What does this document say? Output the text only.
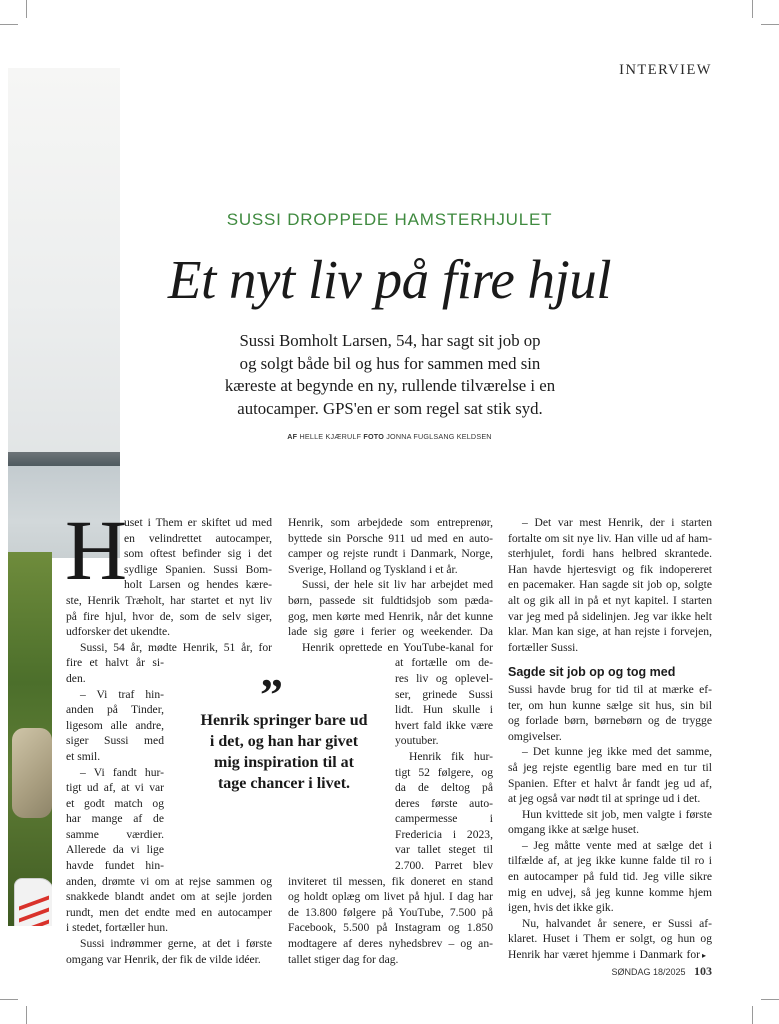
INTERVIEW
SUSSI DROPPEDE HAMSTERHJULET
Et nyt liv på fire hjul
Sussi Bomholt Larsen, 54, har sagt sit job op
og solgt både bil og hus for sammen med sin
kæreste at begynde en ny, rullende tilværelse i en
autocamper. GPS'en er som regel sat stik syd.
AF HELLE KJÆRULF FOTO JONNA FUGLSANG KELDSEN
H

uset i Them er skiftet ud med

en velindrettet autocamper,

som oftest befinder sig i det

sydlige Spanien. Sussi Bom-

holt Larsen og hendes kære-

ste, Henrik Træholt, har startet et nyt liv

på fire hjul, hvor de, som de selv siger,

udforsker det ukendte.

Sussi, 54 år, mødte Henrik, 51 år, for

fire et halvt år si-

den.

– Vi traf hin-

anden på Tinder,

ligesom alle andre,

siger Sussi med

et smil.

– Vi fandt hur-

tigt ud af, at vi var

et godt match og

har mange af de

samme værdier.

Allerede da vi lige

havde fundet hin-

anden, drømte vi om at rejse sammen og

snakkede blandt andet om at sejle jorden

rundt, men det endte med en autocamper

i stedet, fortæller hun.

Sussi indrømmer gerne, at det i første

omgang var Henrik, der fik de vilde idéer.

Henrik, som arbejdede som entreprenør,

byttede sin Porsche 911 ud med en auto-

camper og rejste rundt i Danmark, Norge,

Sverige, Holland og Tyskland i et år.

Sussi, der hele sit liv har arbejdet med

børn, passede sit fuldtidsjob som pæda-

gog, men kørte med Henrik, når det kunne

lade sig gøre i ferier og weekender. Da

Henrik oprettede en YouTube-kanal for

at fortælle om de-

res liv og oplevel-

ser, grinede Sussi

lidt. Hun skulle i

hvert fald ikke være

youtuber.

Henrik fik hur-

tigt 52 følgere, og

da de deltog på

deres første auto-

campermesse i

Fredericia i 2023,

var tallet steget til

2.700. Parret blev

inviteret til messen, fik doneret en stand

og holdt oplæg om livet på hjul. I dag har

de 13.800 følgere på YouTube, 7.500 på

Facebook, 5.500 på Instagram og 1.850

modtagere af deres nyhedsbrev – og an-

tallet stiger dag for dag.

– Det var mest Henrik, der i starten

fortalte om sit nye liv. Han ville ud af ham-

sterhjulet, fordi hans helbred skrantede.

Han havde hjertesvigt og fik indopereret

en pacemaker. Han sagde sit job op, solgte

alt og gik all in på et nyt kapitel. I starten

var jeg med på sidelinjen. Jeg var ikke helt

klar. Man kan sige, at han rejste i forvejen,

fortæller Sussi.

Sagde sit job op og tog med

Sussi havde brug for tid til at mærke ef-

ter, om hun kunne sælge sit hus, sin bil

og forlade børn, børnebørn og de trygge

omgivelser.

– Det kunne jeg ikke med det samme,

så jeg rejste egentlig bare med en tur til

Spanien. Efter et halvt år fandt jeg ud af,

at jeg også var nødt til at springe ud i det.

Hun kvittede sit job, men valgte i første

omgang ikke at sælge huset.

– Jeg måtte vente med at sælge det i

tilfælde af, at jeg ikke kunne falde til ro i

en autocamper på fuld tid. Jeg ville sikre

mig en udvej, så jeg kunne komme hjem

igen, hvis det ikke gik.

Nu, halvandet år senere, er Sussi af-

klaret. Huset i Them er solgt, og hun og

Henrik har været hjemme i Danmark for ▸

”
Henrik springer bare ud i det, og han har givet mig inspiration til at tage chancer i livet.
SØNDAG 18/2025 103
